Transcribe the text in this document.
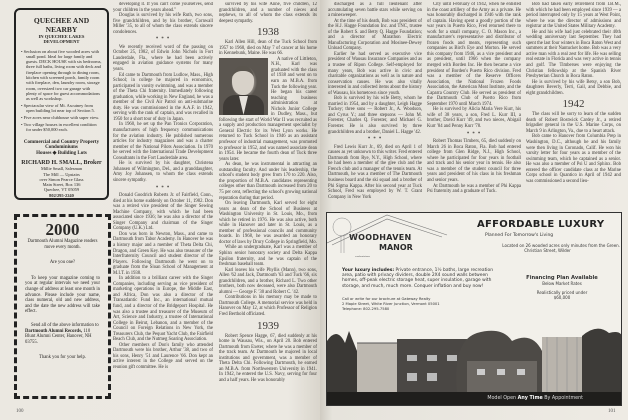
QUECHEE AND NEARBY
IN QUECHEE LAKES DEVELOPMENT
• Seclusion on about five wooded acres with small pond. Ideal for large family and guests. DECK HOUSE with six bedrooms, three full baths, living room with deck and fireplace opening through to dining room, kitchen with screened porch, family room with fireplace, den, laundry room, storage room, oversized two car garage with plenty of space for guest accommodations as well as workshop.
• Spectacular view of Mt. Ascutney from open building lot near top of Section 5.
• Five acres near clubhouse with super view.
• Two village houses in excellent condition for under $50,000 each.
Commercial and Country Property
Condominiums
Houses ◆ Building Lots
RICHARD H. SMALL, Broker
Millie Small, Salesman
The Mill — Upstairs
over Simon Pearce Glass
Main Street, Box 136
Quechee, VT 05059
802/295-2240
2000
Dartmouth Alumni Magazine readers
move every month.
Are you one?

To keep your magazine coming to you at regular intervals we need your change of address at least one month in advance. Please include your name, class numeral, old and new address, and the date the new address will take effect.

Send all of the above information to Dartmouth Alumni Records, 110 Blunt Alumni Center, Hanover, NH 03755.

Thank you for your help.

developing it. If you can't come yourselves, send your children in the years ahead."

Douglas is survived by his wife Ruth, two sons, five grandchildren, and by his brother, Cornwall Miller '35, to all of whom the class extends sincere condolences.

* * *

We recently received word of the passing on October 25, 1982, of Edwin John Nichols in Fort Lauderdale, Fla., where he had been actively engaged in aviation guidance systems for many years.

Ed came to Dartmouth from Ludlow, Mass., High School; in college he majored in economics, participated in varsity swimming, and was a member of the Theta Chi fraternity. Immediately following graduation, while working in New England, he was a member of the Civil Air Patrol on anti-submarine duty. He was commissioned in the A.A.F. in 1942, serving with the rank of captain, and was recalled in 1950 for a short tour of duty in Japan.

In 1960, he set up the Pan Tronics Corporation, manufacturers of high frequency communications for the aviation industry. He published numerous articles for industry magazines and was a charter member of the National Pilots Association. In 1970 he served with the International Trade Development Consultants in the Fort Lauderdale area.

He is survived by his daughter, Christena Johansen of Wilmington, Del., and a granddaughter, Amy Joy Johansen, to whom the class extends sincere sympathy.

* * *

Donald Goodrich Roberts Jr. of Fairfield, Conn., died at his home suddenly on October 11, 1982. Don was a retired vice president of the Singer Sewing Machine Company, with which he had been associated since 1936; he was also a director of the Singer Company and chairman of the Singer Company (U.K.) Ltd.

Don was born in Newton, Mass., and came to Dartmouth from Tabor Academy. In Hanover he was a history major and a member of Theta Delta Chi, Dragon, and Green Key. He was also treasurer of the Interfraternity Council and student director of the Players. Following Dartmouth he went on to graduate from the Sloan School of Management at M.I.T. in 1938.

In addition to a brilliant career with the Singer Companies, including serving as vice president of marketing operations in Europe, the Middle East, and Africa, Don was also a director of the Transatlantic Fund Inc., an international mutual fund, and a director of the Bridgeport Hospital. He was also a trustee and treasurer of the Museum of Art, Science and Industry, a trustee of International College in Beirut, Lebanon, and a member of the Council on Foreign Relations in New York, the Treasurers Club, the Pequot Yacht Club, the Fairfield Beach Club, and the Nutmeg Soaring Association.

Other members of Don's family who attended Dartmouth were his brother, Arthur '38, and two of his sons, Henry '51 and Laurence '66. Don kept an active interest in the College and served on the reunion gift committee. He is

survived by his wife Anne, five children, 12 grandchildren, and a number of nieces and nephews, to all of whom the class extends its deepest sympathy.

1938

Karl Allen Hill, dean of the Tuck School from 1957 to 1968, died on May 7 of cancer at his home in Kennebunk, Maine. He was 66.

A native of Littleton, N.H., Karl was graduated with the class of 1938 and went on to earn an M.B.A. from Tuck the following year. He began his career teaching business administration at Nichols Junior College in Dudley, Mass., but following the start of World War II was recruited as a supply and production management specialist by General Electric for its West Lynn works. He returned to Tuck School in 1946 as an assistant professor of industrial management, was promoted to professor in 1952, and was named associate dean in 1954. He became the fourth dean of Tuck three years later.

As dean, he was instrumental in attracting an outstanding faculty. And under his leadership, the school's student body grew from 170 to 220. Also, the proportion of M.B.A. candidates representing colleges other than Dartmouth increased from 20 to 75 per cent, reflecting the school's growing national reputation during that period.

On leaving Dartmouth, Karl served for eight years as dean of the School of Business at Washington University in St. Louis, Mo., from which he retired in 1976. He was also active, both while in Hanover and later in St. Louis, as a member of professional councils and community boards. In 1968, he was awarded an honorary doctor of laws by Drury College in Springfield, Mo.

While an undergraduate, Karl was a member of Sphinx senior honorary society and Delta Kappa Epsilon fraternity, and he was captain of the freshman baseball team.

Karl leaves his wife Phyllis (Mann), two sons, Allen '62 and Jack, Dartmouth '63 and Tuck '66, six grandchildren, and a brother, Richard L. Two other brothers, both now deceased, were also Dartmouth alumni — George F. '30 and Robert C. '42.

Contributions in his memory may be made to Dartmouth College. A memorial service was held in Hanover on May 12, at which Professor of Religion Fred Berthold officiated.

1939

Robert Spence Hagge, 67, died suddenly at his home in Wausau, Wis., on April 20. Bob entered Dartmouth from Exeter, where he was a member of the track team. At Dartmouth he majored in local institutions and government, was a member of Theta Delta Chi. Following Dartmouth, he earned an M.B.A. from Northwestern University in 1941. In 1942, he entered the U.S. Navy, serving for four and a half years. He was honorably

100

discharged as a full lieutenant after accumulating seven battle stars while serving on a minesweeper.

At the time of his death, Bob was president of the H.J. Hagge Foundation Inc. and TNC, trustee of the Robert S. and Betty Q. Hagge Foundation; and a director of Marathon Electric Manufacturing Corporation and Mosinee-Dewey Unload Company.

Earlier he had served as executive vice president of Wausau Insurance Companies and as a trustee of Ripon College. Self-employed for many years, Bob was active in civic and charitable organizations as well as in nature and conservation causes. He was also vitally interested in and collected items about the history of Wausau, his hometown since youth.

Bob is survived by his wife Betty, whom he married in 1954, and by a daughter, Leigh Hagge Tuckey; three sons — Robert Jr., A. Woodson, and Cyrus Y.; and three stepsons — John M. Forester, Charles Q. Forester, and Michael G. Forester. He is also survived by three grandchildren and a brother, Daniel L. Hagge '42.

* * *

Fred Lewis Kurr Jr., 69, died on April 1 of causes as yet unknown to this writer. Fred entered Dartmouth from Rye, N.Y., High School, where he had been a member of the glee club and the French club and a manager of the tennis team. At Dartmouth, he was a member of The Dartmouth business board and the ski squad and a brother of Phi Sigma Kappa. After his second year at Tuck School, Fred was employed by W. T. Grant Company in New York

City until February of 1942, when he enlisted in the coast artillery of the Army as a private. He was honorably discharged in 1946 with the rank of captain. Having spent a goodly portion of the war years in Puerto Rico, Fred returned there to work for a small company, C. O. Mason Inc., a manufacturer's representative and distributor of frozen foods and meats, representing such companies as Bird's Eye and Morton. He served this company from 1946, as a vice president and as president, until 1966 when the company merged with Borden Inc. He then became a vice president of Borden's Puerto Rico division. Fred was a member of the Reserve Officers Association, the National Frozen Foods Association, the American Meat Institute, and the Caparra Country Club. He served as president of the Dartmouth Club of Puerto Rico from September 1970 until March 1974.

He is survived by Alicia Maria Vere Kurr, his wife of 38 years, a son, Fred L. Kurr III, a brother, David Kurr '49, and two nieces, Abigail Kurr '84 and Penny Kurr '78.

* * *

Robert Thomas Timbers, 65, died suddenly on March 26 in Boca Raton, Fla. Bob had entered college from Glen Ridge, N.J., High School, where he participated for four years in football and track and his senior year in tennis. He also was a member of the student council for three years and president of his class in his freshman and senior years.

At Dartmouth he was a member of Phi Kappa Psi fraternity and a graduate of Tuck.

Bob had taken early retirement from I.B.M., with which he had been employed since 1939 — a period interrupted only by 15 years at West Point, where he was the director of admissions and registrar at the United States Military Academy.

He and his wife had just celebrated their 40th wedding anniversary last September. They had spent the last four winters in Boca Raton West and summers at their Nantucket home. Bob was a very active man with a real zest for life. He was selling real estate in Florida and was very active in tennis and golf. The Timberses were enjoying the Christian fellowship at the Spanish River Presbyterian Church in Boca Raton.

He is survived by his wife Betsy, a son Bob, daughters Beverly, Terri, Gail, and Debbie, and eight grandchildren.

1942

The class will be sorry to learn of the sudden death of Robert Bostwick Cardey Jr., a retired brigadier general in the U.S. Marine Corps, on March 9 in Arlington, Va., due to a heart attack.

Bob came to Hanover from Columbia Prep in Washington, D.C., although he and his family were then living in Coronado, Calif. He won his varsity letter for four years as a member of the swimming team, which he captained as a senior. He was also a member of Psi U and Sphinx. Bob entered the officer candidate class at the Marine Corps school in Quantico in April of 1942 and was commissioned a second lieu-

WOODHAVEN
MANOR
condominiums
AFFORDABLE LUXURY
Planned For Tomorrow's Living
Located on 26 wooded acres only minutes from the Green.
Christian Street, Wilder
Your luxury includes: Private entrance, 1½ baths, large recreation area, patio with privacy dividers, double 2X4 sound walls between homes, off-peak electric storage heat, super insulation, garage with storage, and much, much more. Conquer inflation and buy now!
Call or write for our brochure at Gateway Realty
2 Maple Street, White River Junction, Vermont 05001
Telephone: 802-295-7580
Financing Plan Available
Below Market Rates
Realistically priced under
$60,000
Model Open Any Time By Appointment
101
